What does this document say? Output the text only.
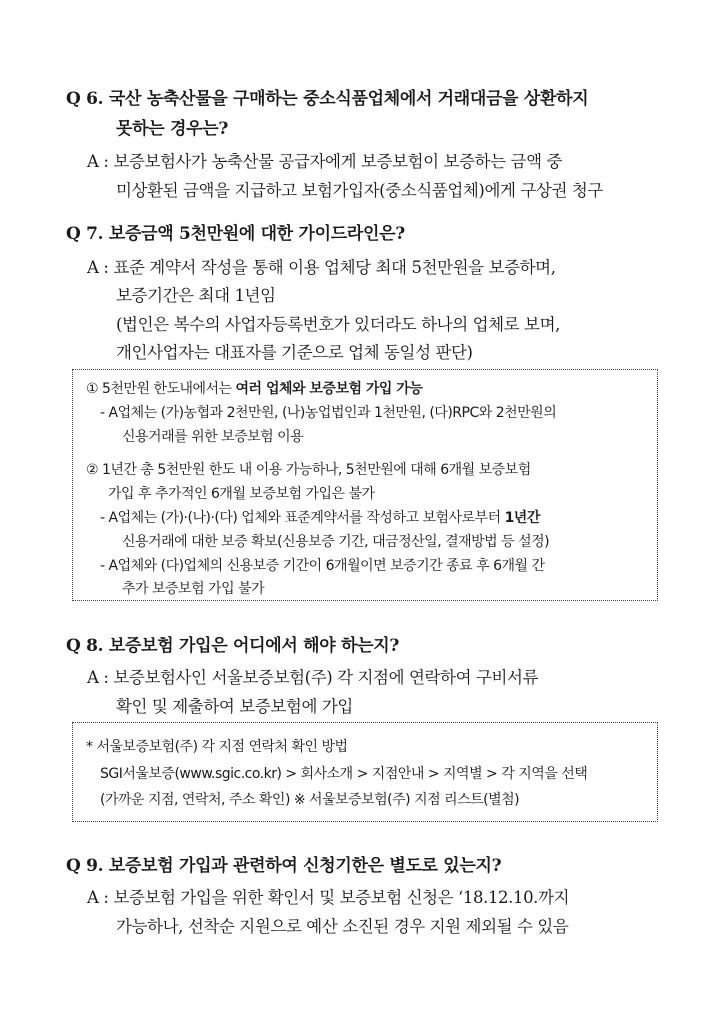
Q 6. 국산 농축산물을 구매하는 중소식품업체에서 거래대금을 상환하지
못하는 경우는?
A : 보증보험사가 농축산물 공급자에게 보증보험이 보증하는 금액 중
미상환된 금액을 지급하고 보험가입자(중소식품업체)에게 구상권 청구
Q 7. 보증금액 5천만원에 대한 가이드라인은?
A : 표준 계약서 작성을 통해 이용 업체당 최대 5천만원을 보증하며,
보증기간은 최대 1년임
(법인은 복수의 사업자등록번호가 있더라도 하나의 업체로 보며,
개인사업자는 대표자를 기준으로 업체 동일성 판단)
① 5천만원 한도내에서는 여러 업체와 보증보험 가입 가능
- A업체는 (가)농협과 2천만원, (나)농업법인과 1천만원, (다)RPC와 2천만원의
신용거래를 위한 보증보험 이용
② 1년간 총 5천만원 한도 내 이용 가능하나, 5천만원에 대해 6개월 보증보험
가입 후 추가적인 6개월 보증보험 가입은 불가
- A업체는 (가)·(나)·(다) 업체와 표준계약서를 작성하고 보험사로부터 1년간
신용거래에 대한 보증 확보(신용보증 기간, 대금정산일, 결재방법 등 설정)
- A업체와 (다)업체의 신용보증 기간이 6개월이면 보증기간 종료 후 6개월 간
추가 보증보험 가입 불가
Q 8. 보증보험 가입은 어디에서 해야 하는지?
A : 보증보험사인 서울보증보험(주) 각 지점에 연락하여 구비서류
확인 및 제출하여 보증보험에 가입
* 서울보증보험(주) 각 지점 연락처 확인 방법
SGI서울보증(www.sgic.co.kr) > 회사소개 > 지점안내 > 지역별 > 각 지역을 선택
(가까운 지점, 연락처, 주소 확인) ※ 서울보증보험(주) 지점 리스트(별첨)
Q 9. 보증보험 가입과 관련하여 신청기한은 별도로 있는지?
A : 보증보험 가입을 위한 확인서 및 보증보험 신청은 ‘18.12.10.까지
가능하나, 선착순 지원으로 예산 소진된 경우 지원 제외될 수 있음
